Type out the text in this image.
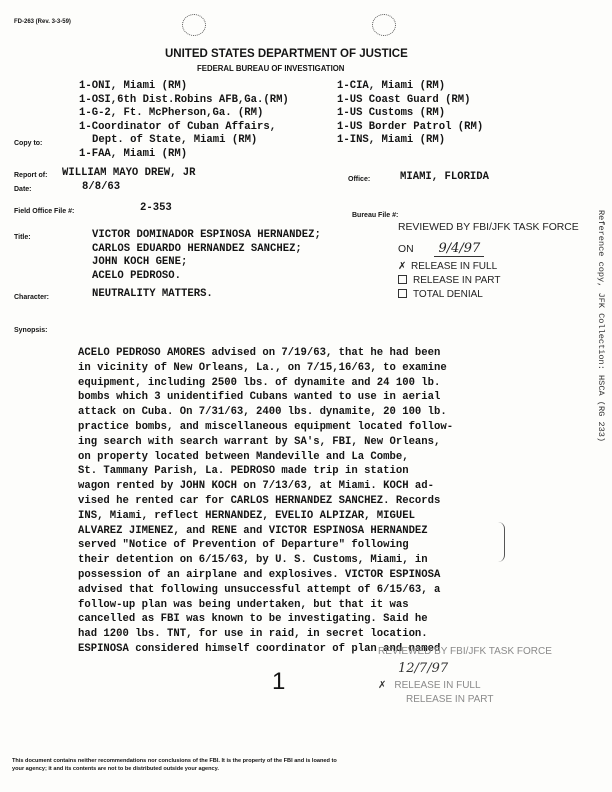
FD-263 (Rev. 3-3-59)
UNITED STATES DEPARTMENT OF JUSTICE
FEDERAL BUREAU OF INVESTIGATION
Copy to:
1-ONI, Miami (RM)
1-OSI,6th Dist.Robins AFB,Ga.(RM)
1-G-2, Ft. McPherson,Ga. (RM)
1-Coordinator of Cuban Affairs,
Dept. of State, Miami (RM)
1-FAA, Miami (RM)
1-CIA, Miami (RM)
1-US Coast Guard (RM)
1-US Customs (RM)
1-US Border Patrol (RM)
1-INS, Miami (RM)
Report of: WILLIAM MAYO DREW, JR
Date:	8/8/63
Office:	MIAMI, FLORIDA
Field Office File #:	2-353
Bureau File #:
Title:	VICTOR DOMINADOR ESPINOSA HERNANDEZ;
CARLOS EDUARDO HERNANDEZ SANCHEZ;
JOHN KOCH GENE;
ACELO PEDROSO.
Character:	NEUTRALITY MATTERS.
REVIEWED BY FBI/JFK TASK FORCE
ON 9/4/97
✗ RELEASE IN FULL
RELEASE IN PART
TOTAL DENIAL
Synopsis:
ACELO PEDROSO AMORES advised on 7/19/63, that he had been
in vicinity of New Orleans, La., on 7/15,16/63, to examine
equipment, including 2500 lbs. of dynamite and 24 100 lb.
bombs which 3 unidentified Cubans wanted to use in aerial
attack on Cuba. On 7/31/63, 2400 lbs. dynamite, 20 100 lb.
practice bombs, and miscellaneous equipment located follow-
ing search with search warrant by SA's, FBI, New Orleans,
on property located between Mandeville and La Combe,
St. Tammany Parish, La. PEDROSO made trip in station
wagon rented by JOHN KOCH on 7/13/63, at Miami. KOCH ad-
vised he rented car for CARLOS HERNANDEZ SANCHEZ. Records
INS, Miami, reflect HERNANDEZ, EVELIO ALPIZAR, MIGUEL
ALVAREZ JIMENEZ, and RENE and VICTOR ESPINOSA HERNANDEZ
served "Notice of Prevention of Departure" following
their detention on 6/15/63, by U. S. Customs, Miami, in
possession of an airplane and explosives. VICTOR ESPINOSA
advised that following unsuccessful attempt of 6/15/63, a
follow-up plan was being undertaken, but that it was
cancelled as FBI was known to be investigating. Said he
had 1200 lbs. TNT, for use in raid, in secret location.
ESPINOSA considered himself coordinator of plan and named
1
REVIEWED BY FBI/JFK TASK FORCE
12/7/97
✗ RELEASE IN FULL
RELEASE IN PART
This document contains neither recommendations nor conclusions of the FBI. It is the property of the FBI and is loaned to
your agency; it and its contents are not to be distributed outside your agency.
Reference copy, JFK Collection: HSCA (RG 233)
